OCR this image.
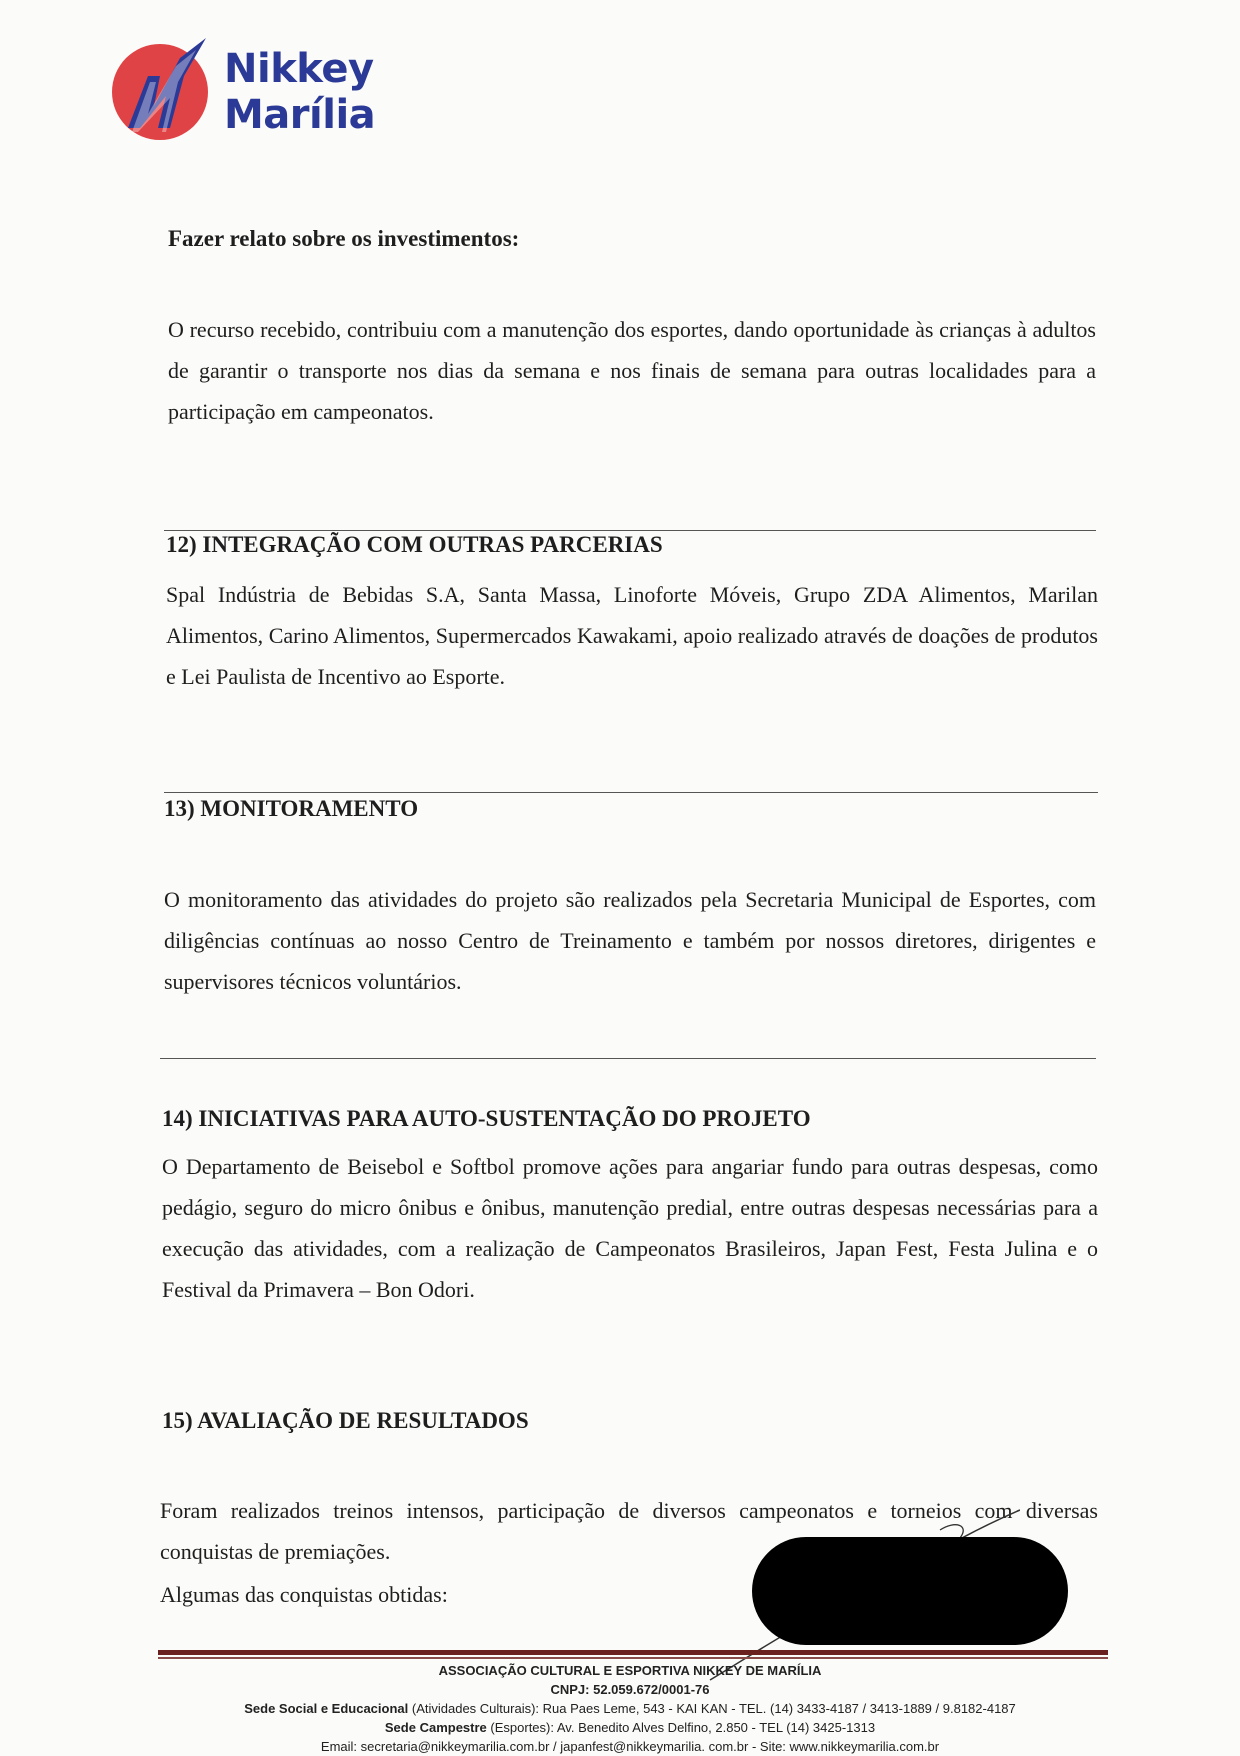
Nikkey
Marília
Fazer relato sobre os investimentos:
O recurso recebido, contribuiu com a manutenção dos esportes, dando oportunidade às crianças à adultos de garantir o transporte nos dias da semana e nos finais de semana para outras localidades para a participação em campeonatos.
12) INTEGRAÇÃO COM OUTRAS PARCERIAS
Spal Indústria de Bebidas S.A, Santa Massa, Linoforte Móveis, Grupo ZDA Alimentos, Marilan Alimentos, Carino Alimentos, Supermercados Kawakami, apoio realizado através de doações de produtos e Lei Paulista de Incentivo ao Esporte.
13) MONITORAMENTO
O monitoramento das atividades do projeto são realizados pela Secretaria Municipal de Esportes, com diligências contínuas ao nosso Centro de Treinamento e também por nossos diretores, dirigentes e supervisores técnicos voluntários.
14) INICIATIVAS PARA AUTO-SUSTENTAÇÃO DO PROJETO
O Departamento de Beisebol e Softbol promove ações para angariar fundo para outras despesas, como pedágio, seguro do micro ônibus e ônibus, manutenção predial, entre outras despesas necessárias para a execução das atividades, com a realização de Campeonatos Brasileiros, Japan Fest, Festa Julina e o Festival da Primavera – Bon Odori.
15) AVALIAÇÃO DE RESULTADOS
Foram realizados treinos intensos, participação de diversos campeonatos e torneios com diversas conquistas de premiações.
Algumas das conquistas obtidas:
ASSOCIAÇÃO CULTURAL E ESPORTIVA NIKKEY DE MARÍLIA
CNPJ: 52.059.672/0001-76
Sede Social e Educacional (Atividades Culturais): Rua Paes Leme, 543 - KAI KAN - TEL. (14) 3433-4187 / 3413-1889 / 9.8182-4187
Sede Campestre (Esportes): Av. Benedito Alves Delfino, 2.850 - TEL (14) 3425-1313
Email: secretaria@nikkeymarilia.com.br / japanfest@nikkeymarilia. com.br - Site: www.nikkeymarilia.com.br
